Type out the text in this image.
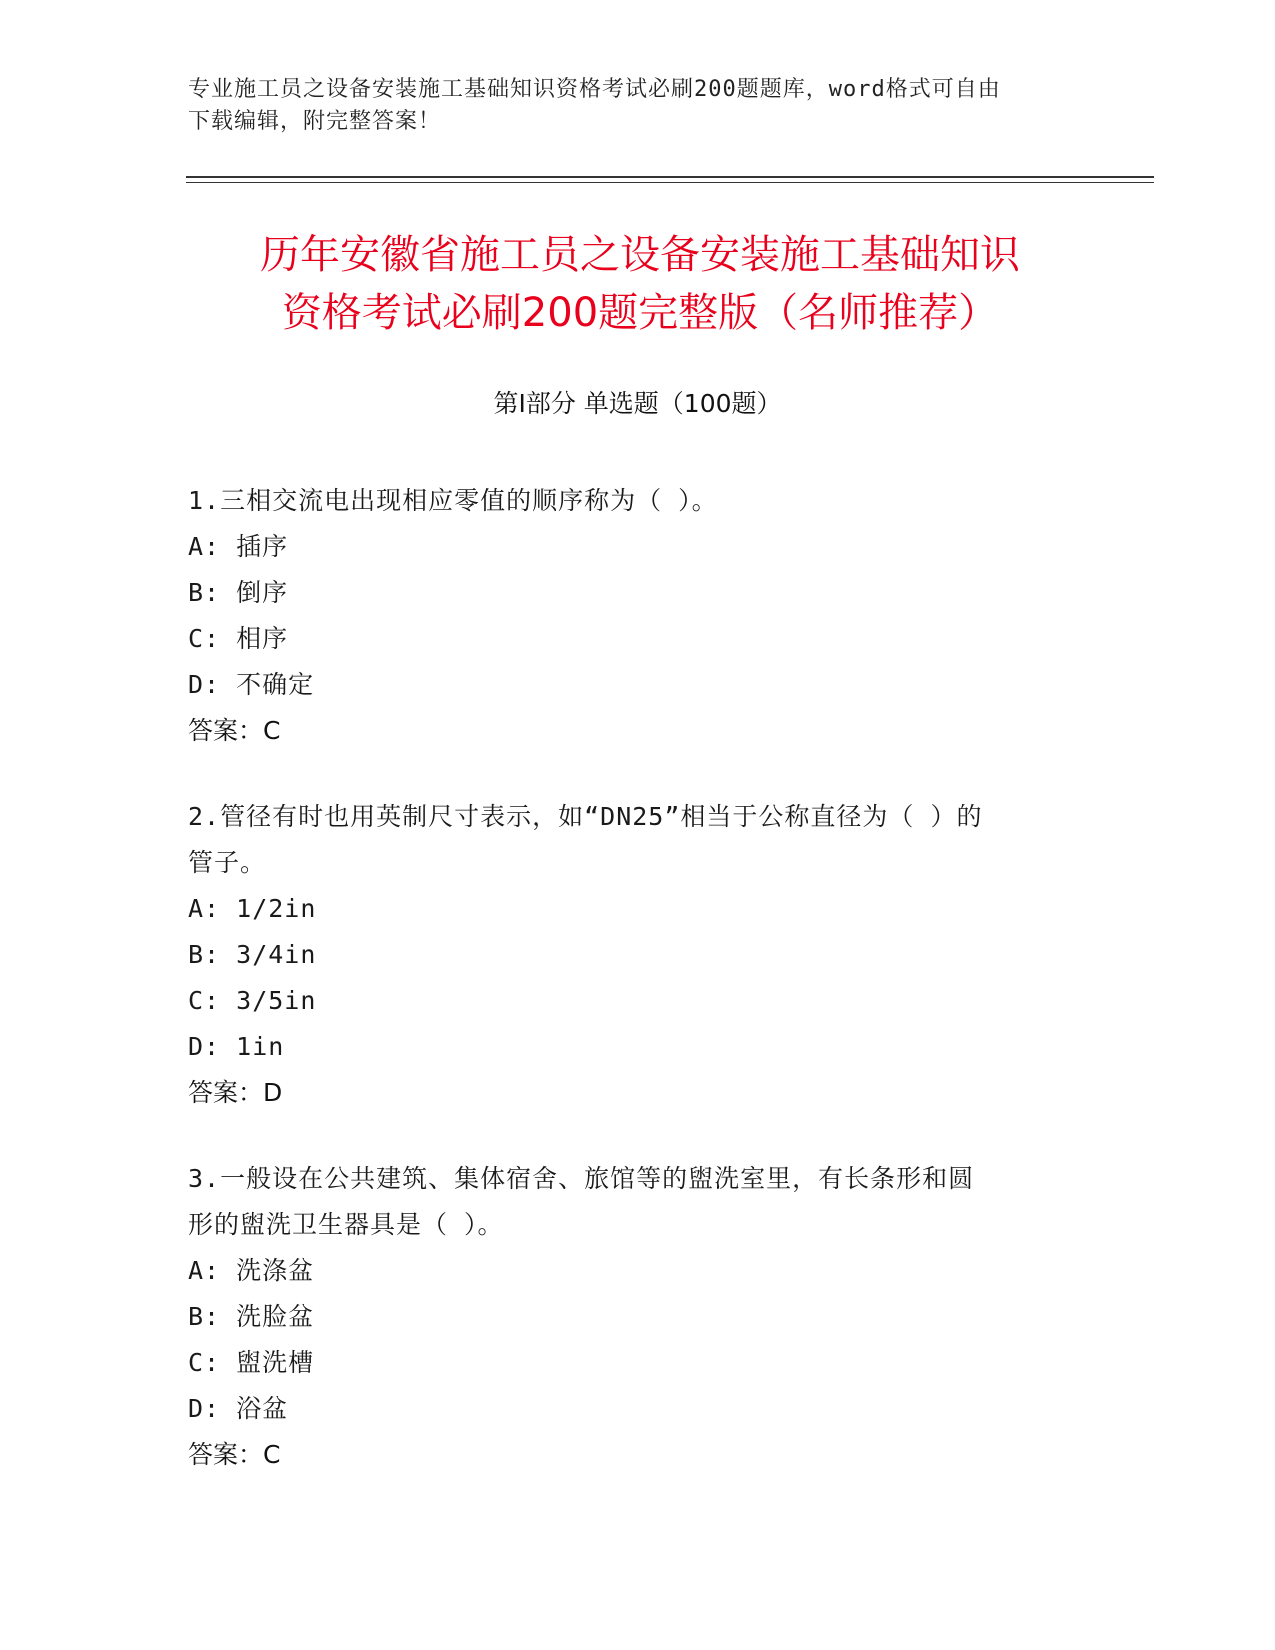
专业施工员之设备安装施工基础知识资格考试必刷200题题库，word格式可自由
下载编辑，附完整答案！
历年安徽省施工员之设备安装施工基础知识
资格考试必刷200题完整版（名师推荐）
第Ⅰ部分 单选题（100题）
1.三相交流电出现相应零值的顺序称为（ ）。
A: 插序
B: 倒序
C: 相序
D: 不确定
答案：C
2.管径有时也用英制尺寸表示，如“DN25”相当于公称直径为（ ）的
管子。
A: 1/2in
B: 3/4in
C: 3/5in
D: 1in
答案：D
3.一般设在公共建筑、集体宿舍、旅馆等的盥洗室里，有长条形和圆
形的盥洗卫生器具是（ ）。
A: 洗涤盆
B: 洗脸盆
C: 盥洗槽
D: 浴盆
答案：C
